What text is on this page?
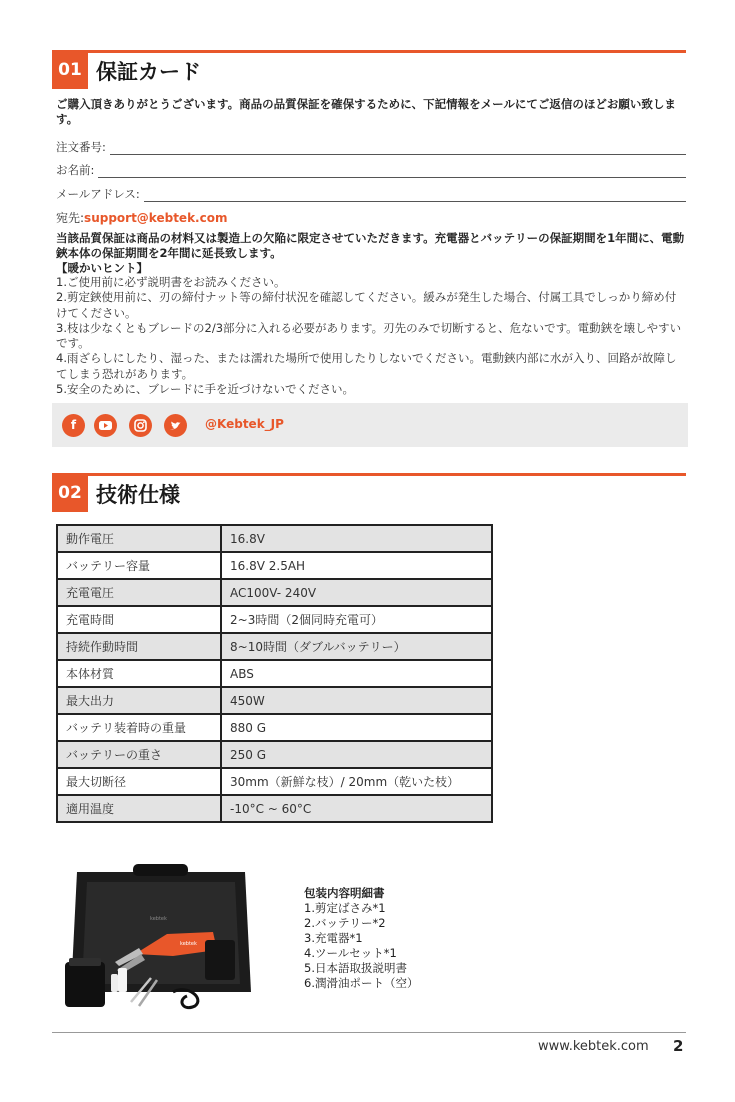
01 保証カード
ご購入頂きありがとうございます。商品の品質保証を確保するために、下記情報をメールにてご返信のほどお願い致します。
注文番号:
お名前:
メールアドレス:
宛先:support@kebtek.com
当該品質保証は商品の材料又は製造上の欠陥に限定させていただきます。充電器とバッテリーの保証期間を1年間に、電動鋏本体の保証期間を2年間に延長致します。
【暖かいヒント】
1.ご使用前に必ず説明書をお読みください。
2.剪定鋏使用前に、刃の締付ナット等の締付状況を確認してください。緩みが発生した場合、付属工具でしっかり締め付けてください。
3.枝は少なくともブレードの2/3部分に入れる必要があります。刃先のみで切断すると、危ないです。電動鋏を壊しやすいです。
4.雨ざらしにしたり、湿った、または濡れた場所で使用したりしないでください。電動鋏内部に水が入り、回路が故障してしまう恐れがあります。
5.安全のために、ブレードに手を近づけないでください。
f	@Kebtek_JP
02 技術仕様
動作電圧	16.8V
バッテリー容量	16.8V 2.5AH
充電電圧	AC100V- 240V
充電時間	2~3時間（2個同時充電可）
持続作動時間	8~10時間（ダブルバッテリー）
本体材質	ABS
最大出力	450W
バッテリ装着時の重量	880 G
バッテリーの重さ	250 G
最大切断径	30mm（新鮮な枝）/ 20mm（乾いた枝）
適用温度	-10°C ~ 60°C
kebtek
kebtek
包装内容明細書
1.剪定ばさみ*1
2.バッテリー*2
3.充電器*1
4.ツールセット*1
5.日本語取扱説明書
6.潤滑油ポート（空）
www.kebtek.com 2
